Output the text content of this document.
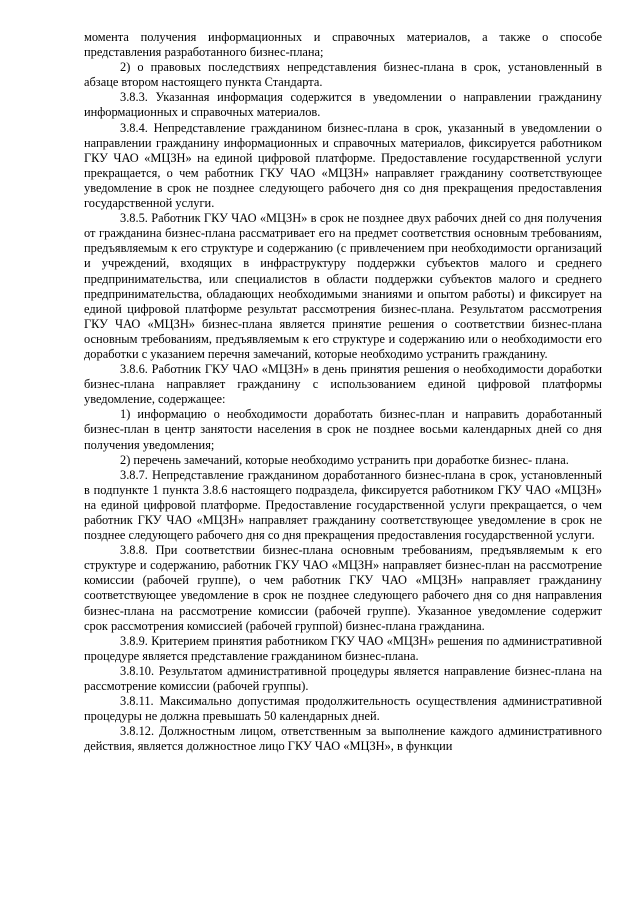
момента получения информационных и справочных материалов, а также о способе представления разработанного бизнес-плана;

2) о правовых последствиях непредставления бизнес-плана в срок, установленный в абзаце втором настоящего пункта Стандарта.

3.8.3. Указанная информация содержится в уведомлении о направлении гражданину информационных и справочных материалов.

3.8.4. Непредставление гражданином бизнес-плана в срок, указанный в уведомлении о направлении гражданину информационных и справочных материалов, фиксируется работником ГКУ ЧАО «МЦЗН» на единой цифровой платформе. Предоставление государственной услуги прекращается, о чем работник ГКУ ЧАО «МЦЗН» направляет гражданину соответствующее уведомление в срок не позднее следующего рабочего дня со дня прекращения предоставления государственной услуги.

3.8.5. Работник ГКУ ЧАО «МЦЗН» в срок не позднее двух рабочих дней со дня получения от гражданина бизнес-плана рассматривает его на предмет соответствия основным требованиям, предъявляемым к его структуре и содержанию (с привлечением при необходимости организаций и учреждений, входящих в инфраструктуру поддержки субъектов малого и среднего предпринимательства, или специалистов в области поддержки субъектов малого и среднего предпринимательства, обладающих необходимыми знаниями и опытом работы) и фиксирует на единой цифровой платформе результат рассмотрения бизнес-плана. Результатом рассмотрения ГКУ ЧАО «МЦЗН» бизнес-плана является принятие решения о соответствии бизнес-плана основным требованиям, предъявляемым к его структуре и содержанию или о необходимости его доработки с указанием перечня замечаний, которые необходимо устранить гражданину.

3.8.6. Работник ГКУ ЧАО «МЦЗН» в день принятия решения о необходимости доработки бизнес-плана направляет гражданину с использованием единой цифровой платформы уведомление, содержащее:

1) информацию о необходимости доработать бизнес-план и направить доработанный бизнес-план в центр занятости населения в срок не позднее восьми календарных дней со дня получения уведомления;

2) перечень замечаний, которые необходимо устранить при доработке бизнес- плана.

3.8.7. Непредставление гражданином доработанного бизнес-плана в срок, установленный в подпункте 1 пункта 3.8.6 настоящего подраздела, фиксируется работником ГКУ ЧАО «МЦЗН» на единой цифровой платформе. Предоставление государственной услуги прекращается, о чем работник ГКУ ЧАО «МЦЗН» направляет гражданину соответствующее уведомление в срок не позднее следующего рабочего дня со дня прекращения предоставления государственной услуги.

3.8.8. При соответствии бизнес-плана основным требованиям, предъявляемым к его структуре и содержанию, работник ГКУ ЧАО «МЦЗН» направляет бизнес-план на рассмотрение комиссии (рабочей группе), о чем работник ГКУ ЧАО «МЦЗН» направляет гражданину соответствующее уведомление в срок не позднее следующего рабочего дня со дня направления бизнес-плана на рассмотрение комиссии (рабочей группе). Указанное уведомление содержит срок рассмотрения комиссией (рабочей группой) бизнес-плана гражданина.

3.8.9. Критерием принятия работником ГКУ ЧАО «МЦЗН» решения по административной процедуре является представление гражданином бизнес-плана.

3.8.10. Результатом административной процедуры является направление бизнес-плана на рассмотрение комиссии (рабочей группы).

3.8.11. Максимально допустимая продолжительность осуществления административной процедуры не должна превышать 50 календарных дней.

3.8.12. Должностным лицом, ответственным за выполнение каждого административного действия, является должностное лицо ГКУ ЧАО «МЦЗН», в функции
